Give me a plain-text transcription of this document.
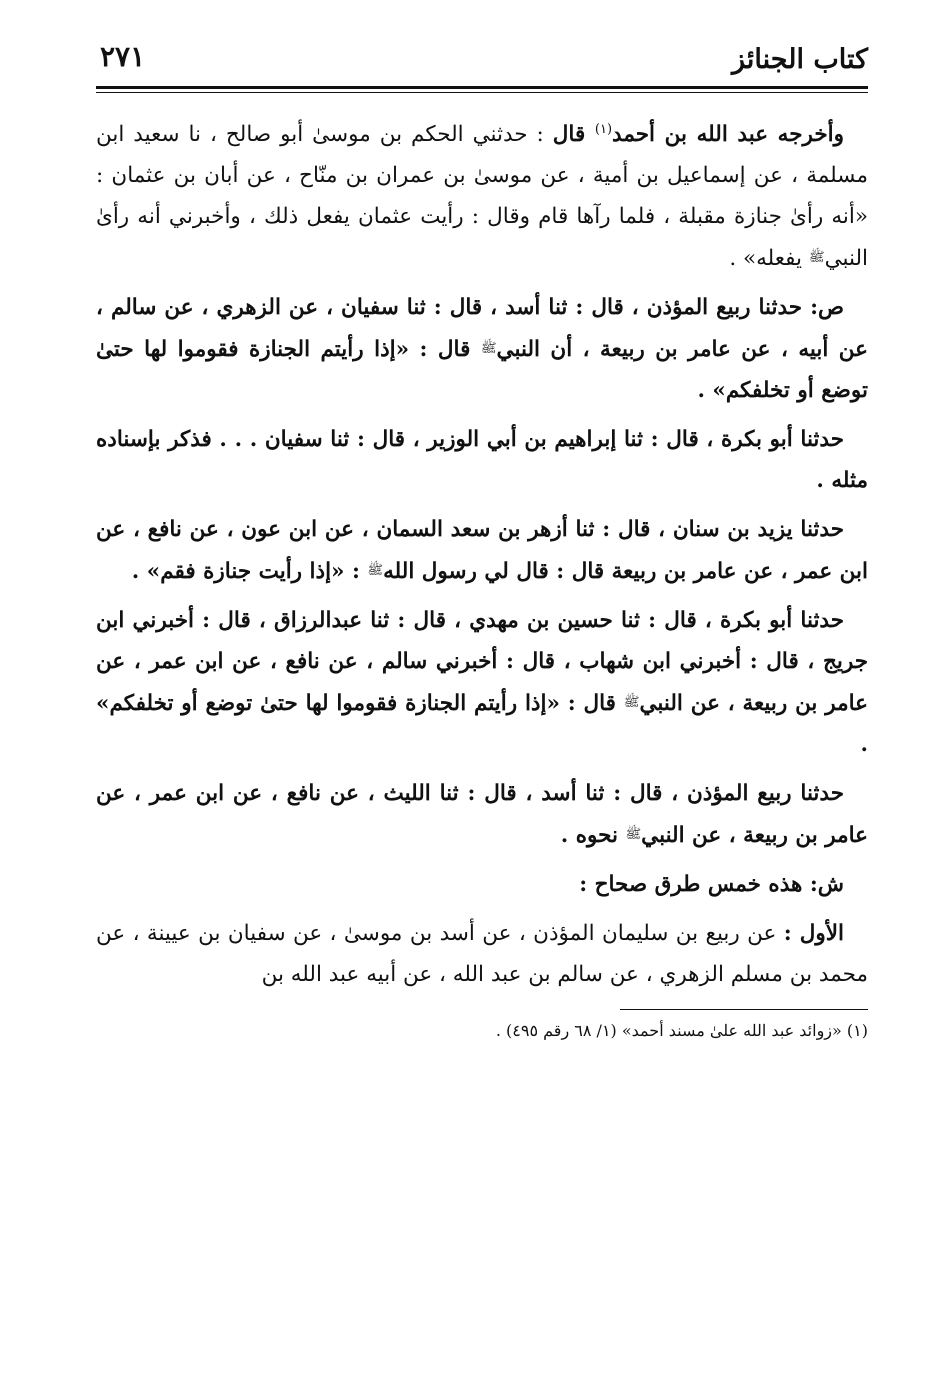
كتاب الجنائز
٢٧١

وأخرجه عبد الله بن أحمد$^{(١)}$ قال : حدثني الحكم بن موسىٰ أبو صالح ، نا سعيد ابن مسلمة ، عن إسماعيل بن أمية ، عن موسىٰ بن عمران بن منّاح ، عن أبان بن عثمان : «أنه رأىٰ جنازة مقبلة ، فلما رآها قام وقال : رأيت عثمان يفعل ذلك ، وأخبرني أنه رأىٰ النبيﷺ يفعله» .

ص: حدثنا ربيع المؤذن ، قال : ثنا أسد ، قال : ثنا سفيان ، عن الزهري ، عن سالم ، عن أبيه ، عن عامر بن ربيعة ، أن النبيﷺ قال : «إذا رأيتم الجنازة فقوموا لها حتىٰ توضع أو تخلفكم» .

حدثنا أبو بكرة ، قال : ثنا إبراهيم بن أبي الوزير ، قال : ثنا سفيان . . . فذكر بإسناده مثله .

حدثنا يزيد بن سنان ، قال : ثنا أزهر بن سعد السمان ، عن ابن عون ، عن نافع ، عن ابن عمر ، عن عامر بن ربيعة قال : قال لي رسول اللهﷺ : «إذا رأيت جنازة فقم» .

حدثنا أبو بكرة ، قال : ثنا حسين بن مهدي ، قال : ثنا عبدالرزاق ، قال : أخبرني ابن جريج ، قال : أخبرني ابن شهاب ، قال : أخبرني سالم ، عن نافع ، عن ابن عمر ، عن عامر بن ربيعة ، عن النبيﷺ قال : «إذا رأيتم الجنازة فقوموا لها حتىٰ توضع أو تخلفكم» .

حدثنا ربيع المؤذن ، قال : ثنا أسد ، قال : ثنا الليث ، عن نافع ، عن ابن عمر ، عن عامر بن ربيعة ، عن النبيﷺ نحوه .

ش: هذه خمس طرق صحاح :

الأول : عن ربيع بن سليمان المؤذن ، عن أسد بن موسىٰ ، عن سفيان بن عيينة ، عن محمد بن مسلم الزهري ، عن سالم بن عبد الله ، عن أبيه عبد الله بن

(١) «زوائد عبد الله علىٰ مسند أحمد» (١/ ٦٨ رقم ٤٩٥) .
